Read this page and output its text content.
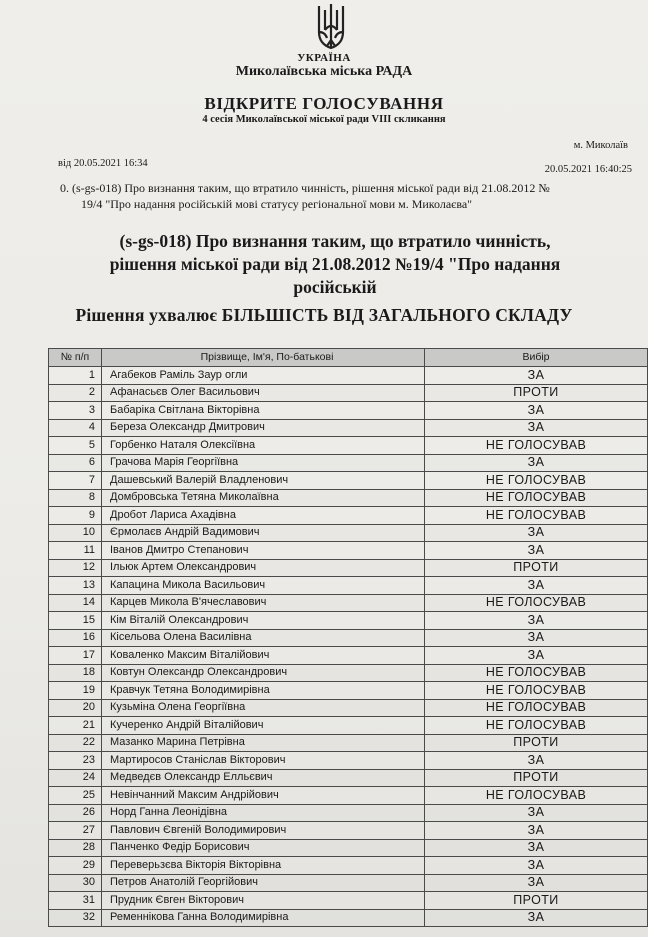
УКРАЇНА
Миколаївська міська РАДА
ВІДКРИТЕ ГОЛОСУВАННЯ
4 сесія Миколаївської міської ради VIII скликання
м. Миколаїв
від 20.05.2021 16:34
20.05.2021 16:40:25
0. (s-gs-018) Про визнання таким, що втратило чинність, рішення міської ради від 21.08.2012 №
19/4 "Про надання російській мові статусу регіональної мови м. Миколаєва"
(s-gs-018) Про визнання таким, що втратило чинність,
рішення міської ради від 21.08.2012 №19/4 "Про надання
російській
Рішення ухвалює БІЛЬШІСТЬ ВІД ЗАГАЛЬНОГО СКЛАДУ
№ п/п	Прізвище, Ім'я, По-батькові	Вибір
1	Агабеков Раміль Заур огли	ЗА
2	Афанасьєв Олег Васильович	ПРОТИ
3	Бабаріка Світлана Вікторівна	ЗА
4	Береза Олександр Дмитрович	ЗА
5	Горбенко Наталя Олексіївна	НЕ ГОЛОСУВАВ
6	Грачова Марія Георгіївна	ЗА
7	Дашевський Валерій Владленович	НЕ ГОЛОСУВАВ
8	Домбровська Тетяна Миколаївна	НЕ ГОЛОСУВАВ
9	Дробот Лариса Ахадівна	НЕ ГОЛОСУВАВ
10	Єрмолаєв Андрій Вадимович	ЗА
11	Іванов Дмитро Степанович	ЗА
12	Ільюк Артем Олександрович	ПРОТИ
13	Капацина Микола Васильович	ЗА
14	Карцев Микола В'ячеславович	НЕ ГОЛОСУВАВ
15	Кім Віталій Олександрович	ЗА
16	Кісельова Олена Василівна	ЗА
17	Коваленко Максим Віталійович	ЗА
18	Ковтун Олександр Олександрович	НЕ ГОЛОСУВАВ
19	Кравчук Тетяна Володимирівна	НЕ ГОЛОСУВАВ
20	Кузьміна Олена Георгіївна	НЕ ГОЛОСУВАВ
21	Кучеренко Андрій Віталійович	НЕ ГОЛОСУВАВ
22	Мазанко Марина Петрівна	ПРОТИ
23	Мартиросов Станіслав Вікторович	ЗА
24	Медведєв Олександр Елльєвич	ПРОТИ
25	Невінчанний Максим Андрійович	НЕ ГОЛОСУВАВ
26	Норд Ганна Леонідівна	ЗА
27	Павлович Євгеній Володимирович	ЗА
28	Панченко Федір Борисович	ЗА
29	Переверьзєва Вікторія Вікторівна	ЗА
30	Петров Анатолій Георгійович	ЗА
31	Прудник Євген Вікторович	ПРОТИ
32	Ременнікова Ганна Володимирівна	ЗА
